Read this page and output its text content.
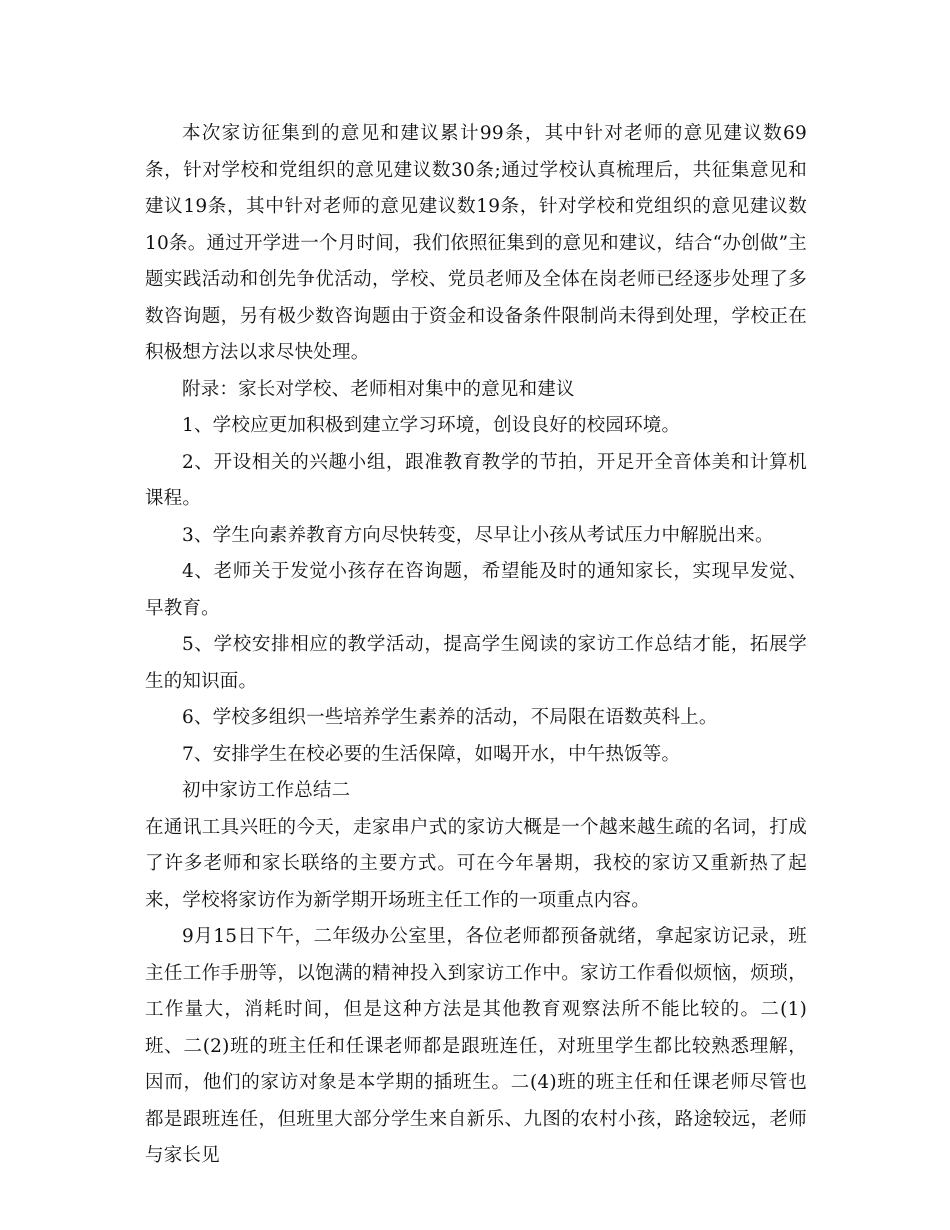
本次家访征集到的意见和建议累计99条，其中针对老师的意见建议数69条，针对学校和党组织的意见建议数30条;通过学校认真梳理后，共征集意见和建议19条，其中针对老师的意见建议数19条，针对学校和党组织的意见建议数10条。通过开学进一个月时间，我们依照征集到的意见和建议，结合“办创做”主题实践活动和创先争优活动，学校、党员老师及全体在岗老师已经逐步处理了多数咨询题，另有极少数咨询题由于资金和设备条件限制尚未得到处理，学校正在积极想方法以求尽快处理。

附录：家长对学校、老师相对集中的意见和建议

1、学校应更加积极到建立学习环境，创设良好的校园环境。

2、开设相关的兴趣小组，跟准教育教学的节拍，开足开全音体美和计算机课程。

3、学生向素养教育方向尽快转变，尽早让小孩从考试压力中解脱出来。

4、老师关于发觉小孩存在咨询题，希望能及时的通知家长，实现早发觉、早教育。

5、学校安排相应的教学活动，提高学生阅读的家访工作总结才能，拓展学生的知识面。

6、学校多组织一些培养学生素养的活动，不局限在语数英科上。

7、安排学生在校必要的生活保障，如喝开水，中午热饭等。

初中家访工作总结二

在通讯工具兴旺的今天，走家串户式的家访大概是一个越来越生疏的名词，打成了许多老师和家长联络的主要方式。可在今年暑期，我校的家访又重新热了起来，学校将家访作为新学期开场班主任工作的一项重点内容。

9月15日下午，二年级办公室里，各位老师都预备就绪，拿起家访记录，班主任工作手册等，以饱满的精神投入到家访工作中。家访工作看似烦恼，烦琐，工作量大，消耗时间，但是这种方法是其他教育观察法所不能比较的。二(1)班、二(2)班的班主任和任课老师都是跟班连任，对班里学生都比较熟悉理解，因而，他们的家访对象是本学期的插班生。二(4)班的班主任和任课老师尽管也都是跟班连任，但班里大部分学生来自新乐、九图的农村小孩，路途较远，老师与家长见
